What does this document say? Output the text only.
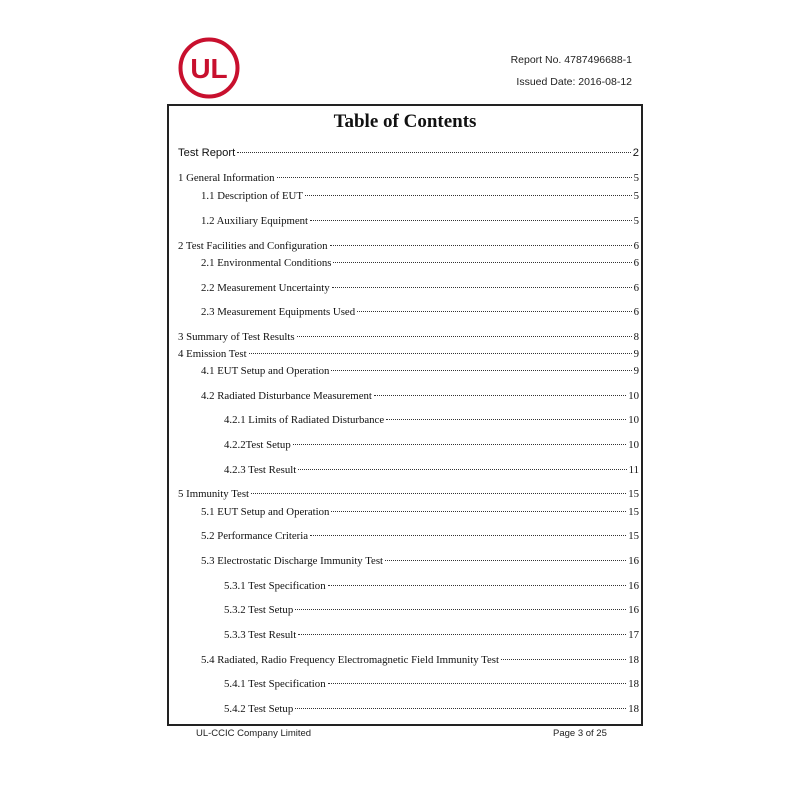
UL	Report No. 4787496688-1
Issued Date: 2016-08-12
Table of Contents
Test Report	2
1 General Information	5
1.1 Description of EUT	5
1.2 Auxiliary Equipment	5
2 Test Facilities and Configuration	6
2.1 Environmental Conditions	6
2.2 Measurement Uncertainty	6
2.3 Measurement Equipments Used	6
3 Summary of Test Results	8
4 Emission Test	9
4.1 EUT Setup and Operation	9
4.2 Radiated Disturbance Measurement	10
4.2.1 Limits of Radiated Disturbance	10
4.2.2Test Setup	10
4.2.3 Test Result	11
5 Immunity Test	15
5.1 EUT Setup and Operation	15
5.2 Performance Criteria	15
5.3 Electrostatic Discharge Immunity Test	16
5.3.1 Test Specification	16
5.3.2 Test Setup	16
5.3.3 Test Result	17
5.4 Radiated, Radio Frequency Electromagnetic Field Immunity Test	18
5.4.1 Test Specification	18
5.4.2 Test Setup	18
UL-CCIC Company Limited	Page 3 of 25
